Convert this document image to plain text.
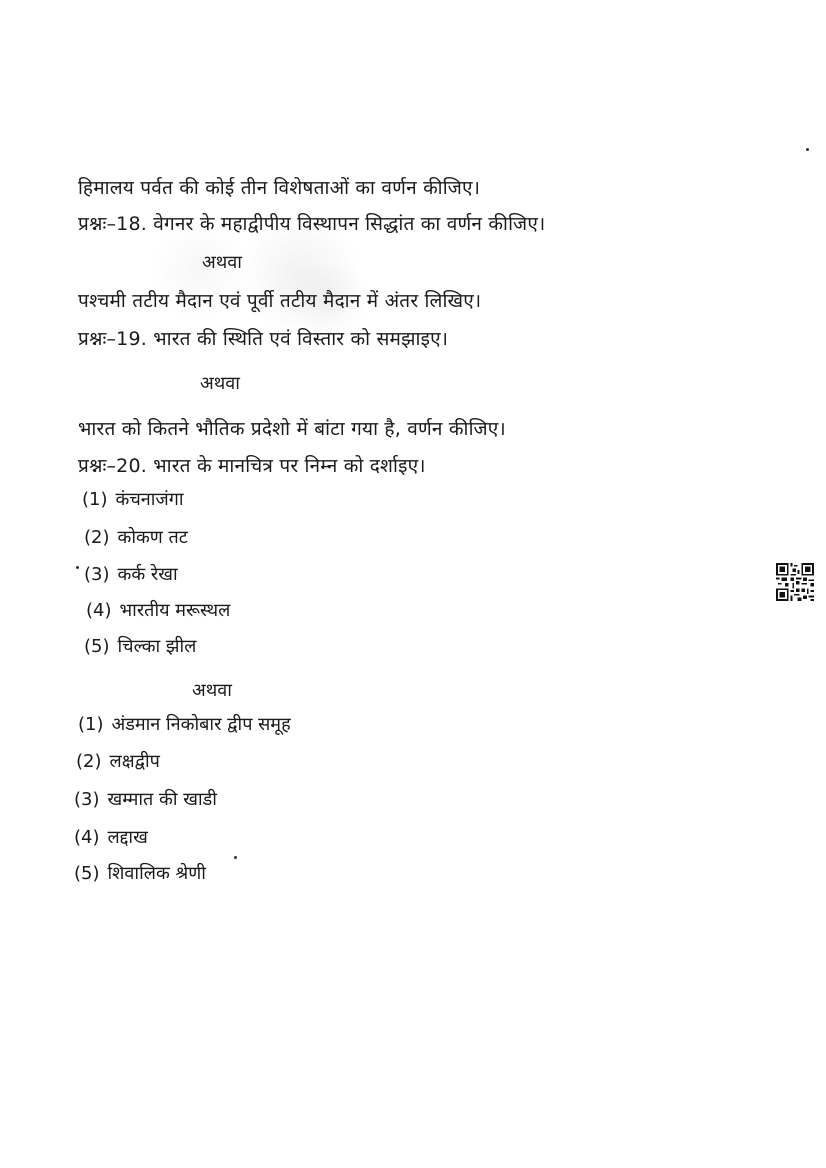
हिमालय पर्वत की कोई तीन विशेषताओं का वर्णन कीजिए।
प्रश्नः–18. वेगनर के महाद्वीपीय विस्थापन सिद्धांत का वर्णन कीजिए।
अथवा
पश्चमी तटीय मैदान एवं पूर्वी तटीय मैदान में अंतर लिखिए।
प्रश्नः–19. भारत की स्थिति एवं विस्तार को समझाइए।
अथवा
भारत को कितने भौतिक प्रदेशो में बांटा गया है, वर्णन कीजिए।
प्रश्नः–20. भारत के मानचित्र पर निम्न को दर्शाइए।
(1) कंचनाजंगा
(2) कोकण तट
(3) कर्क रेखा
(4) भारतीय मरूस्थल
(5) चिल्का झील
अथवा
(1) अंडमान निकोबार द्वीप समूह
(2) लक्षद्वीप
(3) खम्मात की खाडी
(4) लद्दाख
(5) शिवालिक श्रेणी
